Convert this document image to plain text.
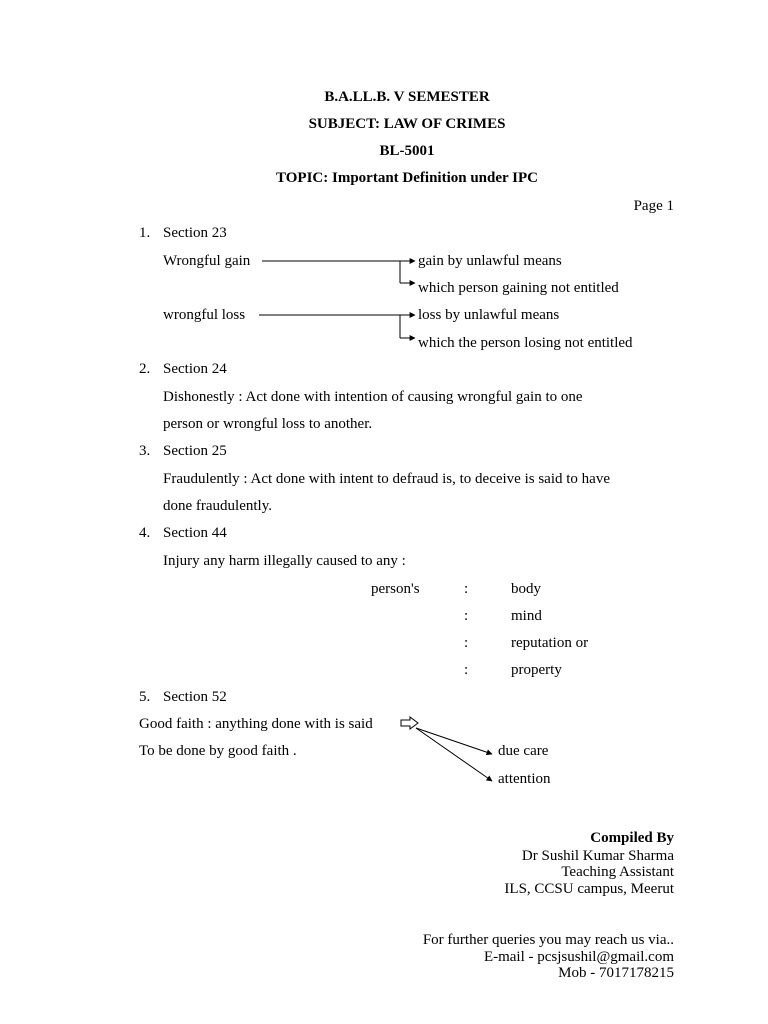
B.A.LL.B. V SEMESTER
SUBJECT: LAW OF CRIMES
BL-5001
TOPIC: Important Definition under IPC
Page 1
1. Section 23
Wrongful gain	gain by unlawful means
which person gaining not entitled
wrongful loss	loss by unlawful means
which the person losing not entitled
2. Section 24
Dishonestly : Act done with intention of causing wrongful gain to one
person or wrongful loss to another.
3. Section 25
Fraudulently : Act done with intent to defraud is, to deceive is said to have
done fraudulently.
4. Section 44
Injury any harm illegally caused to any :
person's	:	body
:	mind
:	reputation or
:	property
5. Section 52
Good faith : anything done with is said
To be done by good faith .	due care
attention
Compiled By
Dr Sushil Kumar Sharma
Teaching Assistant
ILS, CCSU campus, Meerut
For further queries you may reach us via..
E-mail - pcsjsushil@gmail.com
Mob - 7017178215
